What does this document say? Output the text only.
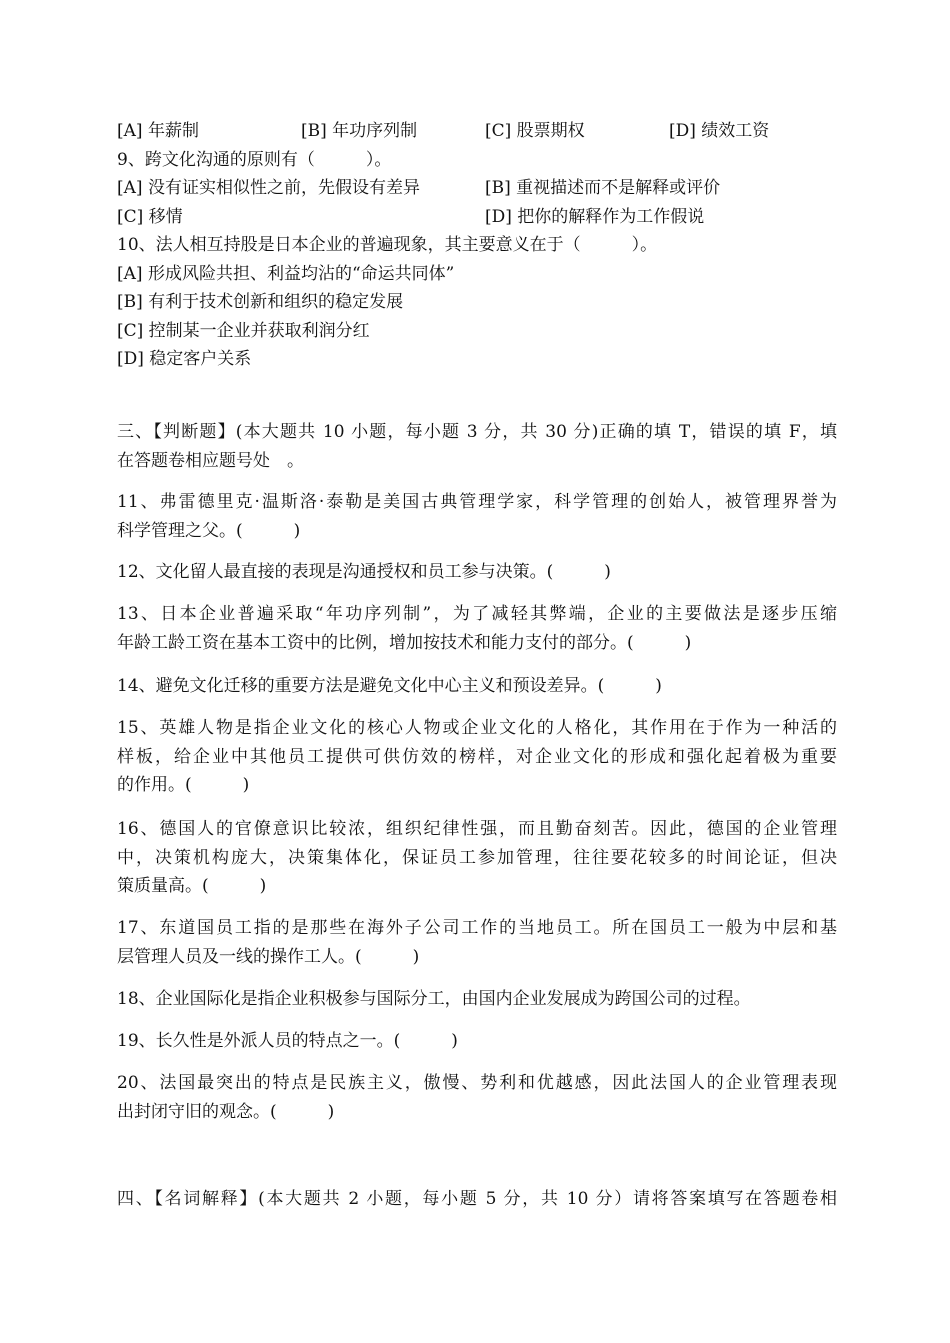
[A] 年薪制	[B] 年功序列制	[C] 股票期权	[D] 绩效工资
9、跨文化沟通的原则有（　　　）。
[A] 没有证实相似性之前，先假设有差异	[B] 重视描述而不是解释或评价
[C] 移情	[D] 把你的解释作为工作假说
10、法人相互持股是日本企业的普遍现象，其主要意义在于（　　　）。
[A] 形成风险共担、利益均沾的“命运共同体”
[B] 有利于技术创新和组织的稳定发展
[C] 控制某一企业并获取利润分红
[D] 稳定客户关系
三、【判断题】(本大题共 10 小题，每小题 3 分，共 30 分)正确的填 T，错误的填 F，填
在答题卷相应题号处　。
11、弗雷德里克·温斯洛·泰勒是美国古典管理学家，科学管理的创始人，被管理界誉为
科学管理之父。(　　　)
12、文化留人最直接的表现是沟通授权和员工参与决策。(　　　)
13、日本企业普遍采取“年功序列制”，为了减轻其弊端，企业的主要做法是逐步压缩
年龄工龄工资在基本工资中的比例，增加按技术和能力支付的部分。(　　　)
14、避免文化迁移的重要方法是避免文化中心主义和预设差异。(　　　)
15、英雄人物是指企业文化的核心人物或企业文化的人格化，其作用在于作为一种活的
样板，给企业中其他员工提供可供仿效的榜样，对企业文化的形成和强化起着极为重要
的作用。(　　　)
16、德国人的官僚意识比较浓，组织纪律性强，而且勤奋刻苦。因此，德国的企业管理
中，决策机构庞大，决策集体化，保证员工参加管理，往往要花较多的时间论证，但决
策质量高。(　　　)
17、东道国员工指的是那些在海外子公司工作的当地员工。所在国员工一般为中层和基
层管理人员及一线的操作工人。(　　　)
18、企业国际化是指企业积极参与国际分工，由国内企业发展成为跨国公司的过程。
19、长久性是外派人员的特点之一。(　　　)
20、法国最突出的特点是民族主义，傲慢、势利和优越感，因此法国人的企业管理表现
出封闭守旧的观念。(　　　)
四、【名词解释】(本大题共 2 小题，每小题 5 分，共 10 分）请将答案填写在答题卷相
